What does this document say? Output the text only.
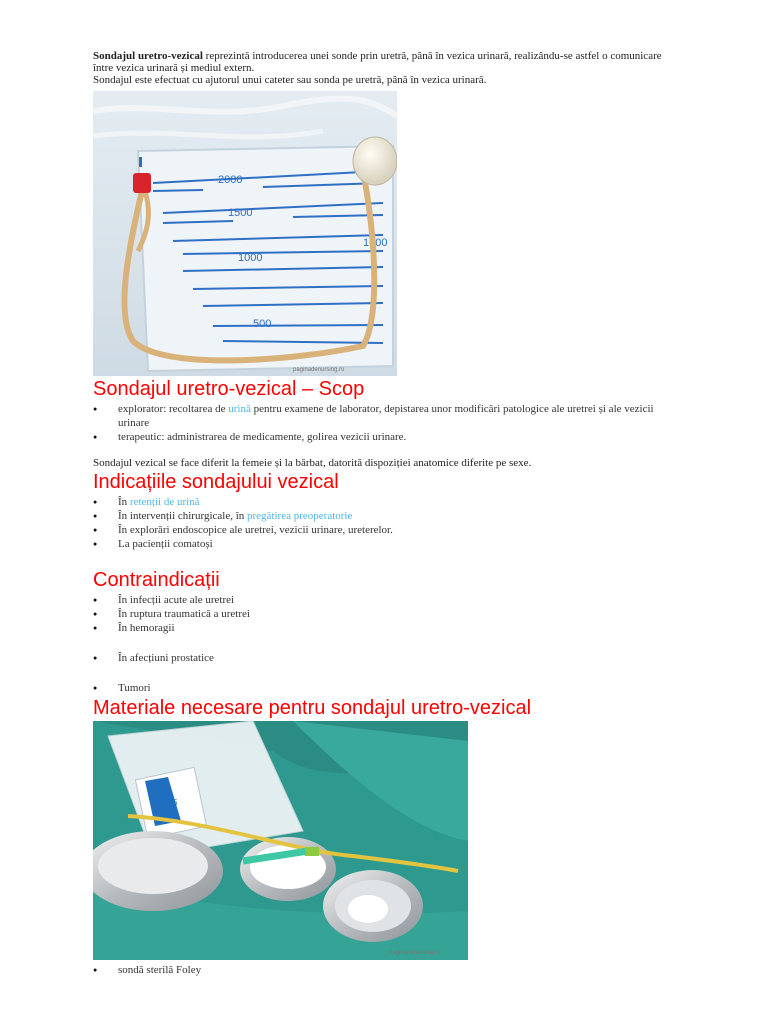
Sondajul uretro-vezical reprezintă introducerea unei sonde prin uretră, până în vezica urinară, realizându-se astfel o comunicare între vezica urinară și mediul extern.

Sondajul este efectuat cu ajutorul unui cateter sau sonda pe uretră, până în vezica urinară.

2000
1500
1000
1000
500
paginadenursing.ro
Sondajul uretro-vezical – Scop
● explorator: recoltarea de urină pentru examene de laborator, depistarea unor modificări patologice ale uretrei și ale vezicii urinare
● terapeutic: administrarea de medicamente, golirea vezicii urinare.

Sondajul vezical se face diferit la femeie și la bărbat, datorită dispoziției anatomice diferite pe sexe.

Indicațiile sondajului vezical
● În retenții de urină
● În intervenții chirurgicale, în pregătirea preoperatorie
● În explorări endoscopice ale uretrei, vezicii urinare, ureterelor.
● La pacienții comatoși
Contraindicații
● În infecții acute ale uretrei
● În ruptura traumatică a uretrei
● În hemoragii
● În afecțiuni prostatice
● Tumori
Materiale necesare pentru sondajul uretro-vezical
5
paginadenursing.ro
● sondă sterilă Foley
